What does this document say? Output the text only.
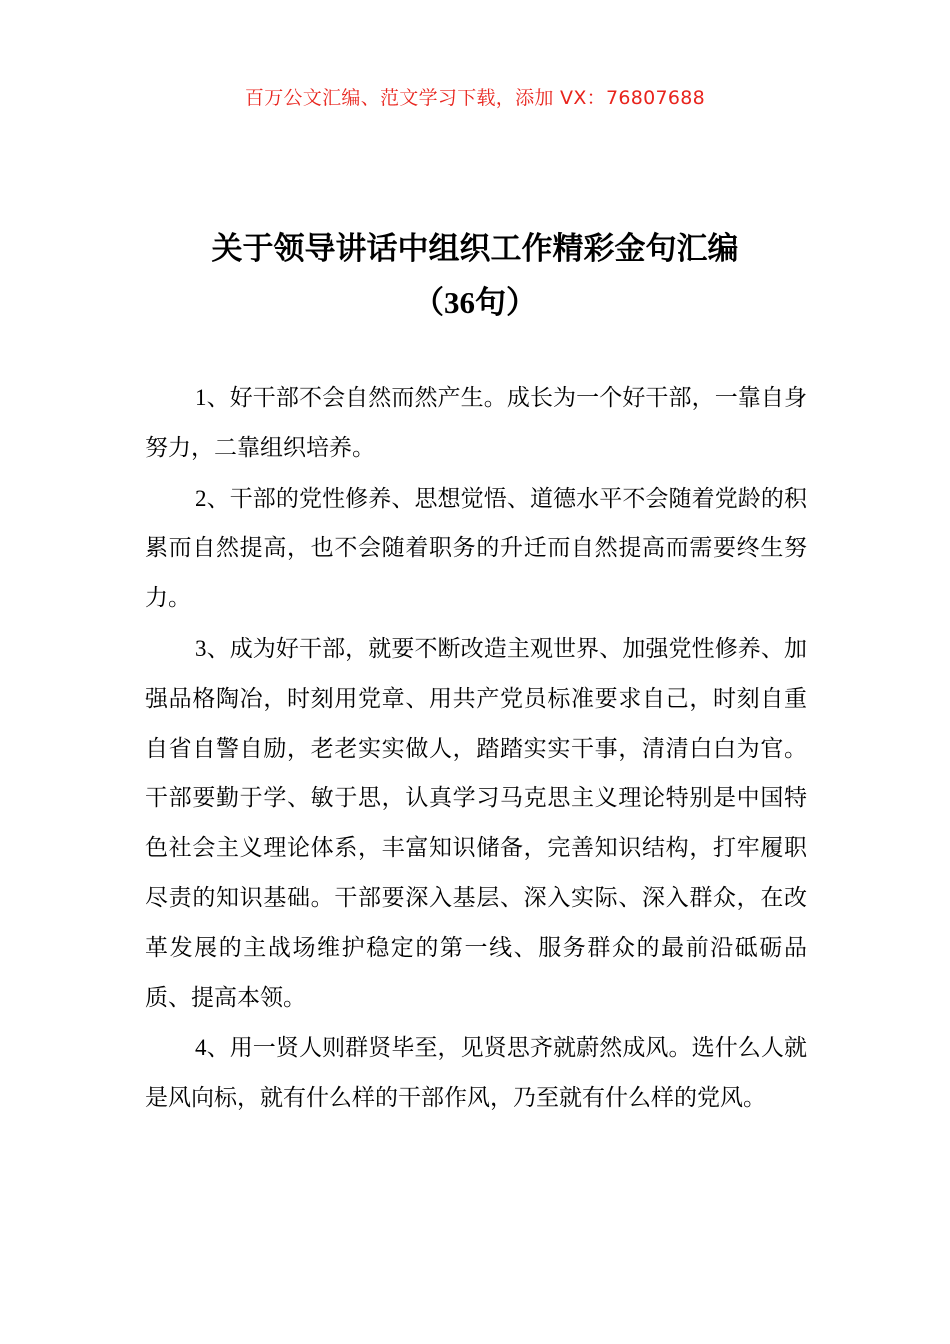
百万公文汇编、范文学习下载，添加 VX：76807688
关于领导讲话中组织工作精彩金句汇编
（36句）

1、好干部不会自然而然产生。成长为一个好干部，一靠自身努力，二靠组织培养。

2、干部的党性修养、思想觉悟、道德水平不会随着党龄的积累而自然提高，也不会随着职务的升迁而自然提高而需要终生努力。

3、成为好干部，就要不断改造主观世界、加强党性修养、加强品格陶冶，时刻用党章、用共产党员标准要求自己，时刻自重自省自警自励，老老实实做人，踏踏实实干事，清清白白为官。干部要勤于学、敏于思，认真学习马克思主义理论特别是中国特色社会主义理论体系，丰富知识储备，完善知识结构，打牢履职尽责的知识基础。干部要深入基层、深入实际、深入群众，在改革发展的主战场维护稳定的第一线、服务群众的最前沿砥砺品质、提高本领。

4、用一贤人则群贤毕至，见贤思齐就蔚然成风。选什么人就是风向标，就有什么样的干部作风，乃至就有什么样的党风。
